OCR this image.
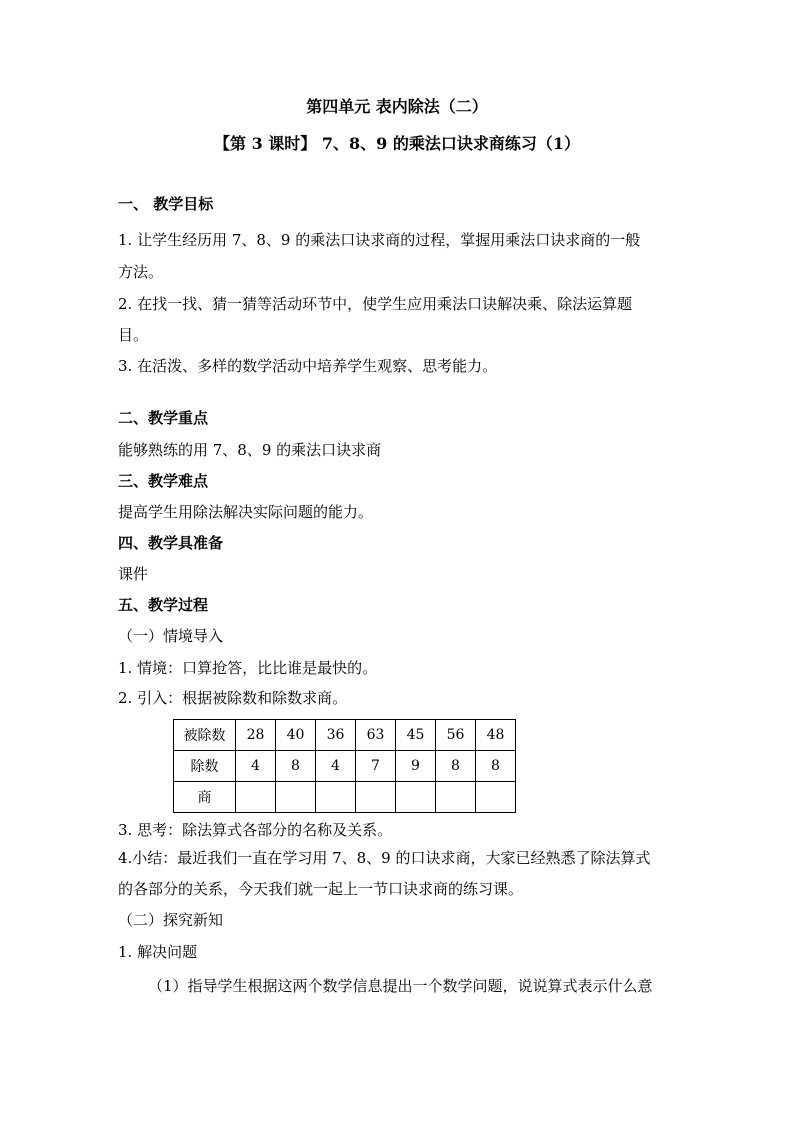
第四单元 表内除法（二）
【第 3 课时】 7、8、9 的乘法口诀求商练习（1）
一、 教学目标
1. 让学生经历用 7、8、9 的乘法口诀求商的过程，掌握用乘法口诀求商的一般
方法。
2. 在找一找、猜一猜等活动环节中，使学生应用乘法口诀解决乘、除法运算题
目。
3. 在活泼、多样的数学活动中培养学生观察、思考能力。
二、教学重点
能够熟练的用 7、8、9 的乘法口诀求商
三、教学难点
提高学生用除法解决实际问题的能力。
四、教学具准备
课件
五、教学过程
（一）情境导入
1. 情境：口算抢答，比比谁是最快的。
2. 引入：根据被除数和除数求商。
被除数	28	40	36	63	45	56	48
除数	4	8	4	7	9	8	8
商							
3. 思考：除法算式各部分的名称及关系。
4.小结：最近我们一直在学习用 7、8、9 的口诀求商，大家已经熟悉了除法算式
的各部分的关系，今天我们就一起上一节口诀求商的练习课。
（二）探究新知
1. 解决问题
（1）指导学生根据这两个数学信息提出一个数学问题，说说算式表示什么意
